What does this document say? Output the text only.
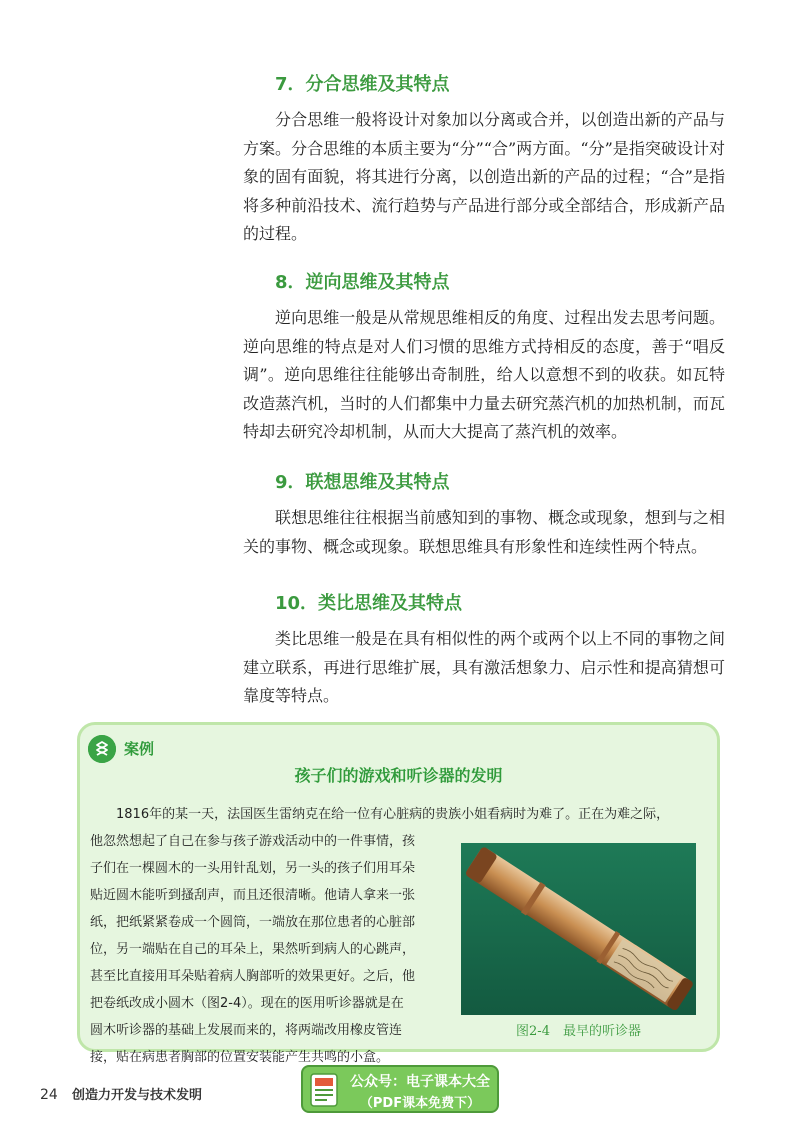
7．分合思维及其特点
分合思维一般将设计对象加以分离或合并，以创造出新的产品与方案。分合思维的本质主要为“分”“合”两方面。“分”是指突破设计对象的固有面貌，将其进行分离，以创造出新的产品的过程；“合”是指将多种前沿技术、流行趋势与产品进行部分或全部结合，形成新产品的过程。
8．逆向思维及其特点
逆向思维一般是从常规思维相反的角度、过程出发去思考问题。逆向思维的特点是对人们习惯的思维方式持相反的态度，善于“唱反调”。逆向思维往往能够出奇制胜，给人以意想不到的收获。如瓦特改造蒸汽机，当时的人们都集中力量去研究蒸汽机的加热机制，而瓦特却去研究冷却机制，从而大大提高了蒸汽机的效率。
9．联想思维及其特点
联想思维往往根据当前感知到的事物、概念或现象，想到与之相关的事物、概念或现象。联想思维具有形象性和连续性两个特点。
10．类比思维及其特点
类比思维一般是在具有相似性的两个或两个以上不同的事物之间建立联系，再进行思维扩展，具有激活想象力、启示性和提高猜想可靠度等特点。
案例
孩子们的游戏和听诊器的发明
1816年的某一天，法国医生雷纳克在给一位有心脏病的贵族小姐看病时为难了。正在为难之际，
他忽然想起了自己在参与孩子游戏活动中的一件事情，孩
子们在一棵圆木的一头用针乱划，另一头的孩子们用耳朵
贴近圆木能听到搔刮声，而且还很清晰。他请人拿来一张
纸，把纸紧紧卷成一个圆筒，一端放在那位患者的心脏部
位，另一端贴在自己的耳朵上，果然听到病人的心跳声，
甚至比直接用耳朵贴着病人胸部听的效果更好。之后，他
把卷纸改成小圆木（图2-4）。现在的医用听诊器就是在
圆木听诊器的基础上发展而来的，将两端改用橡皮管连
接，贴在病患者胸部的位置安装能产生共鸣的小盒。
图2-4　最早的听诊器
24 创造力开发与技术发明
公众号：电子课本大全
（PDF课本免费下）
